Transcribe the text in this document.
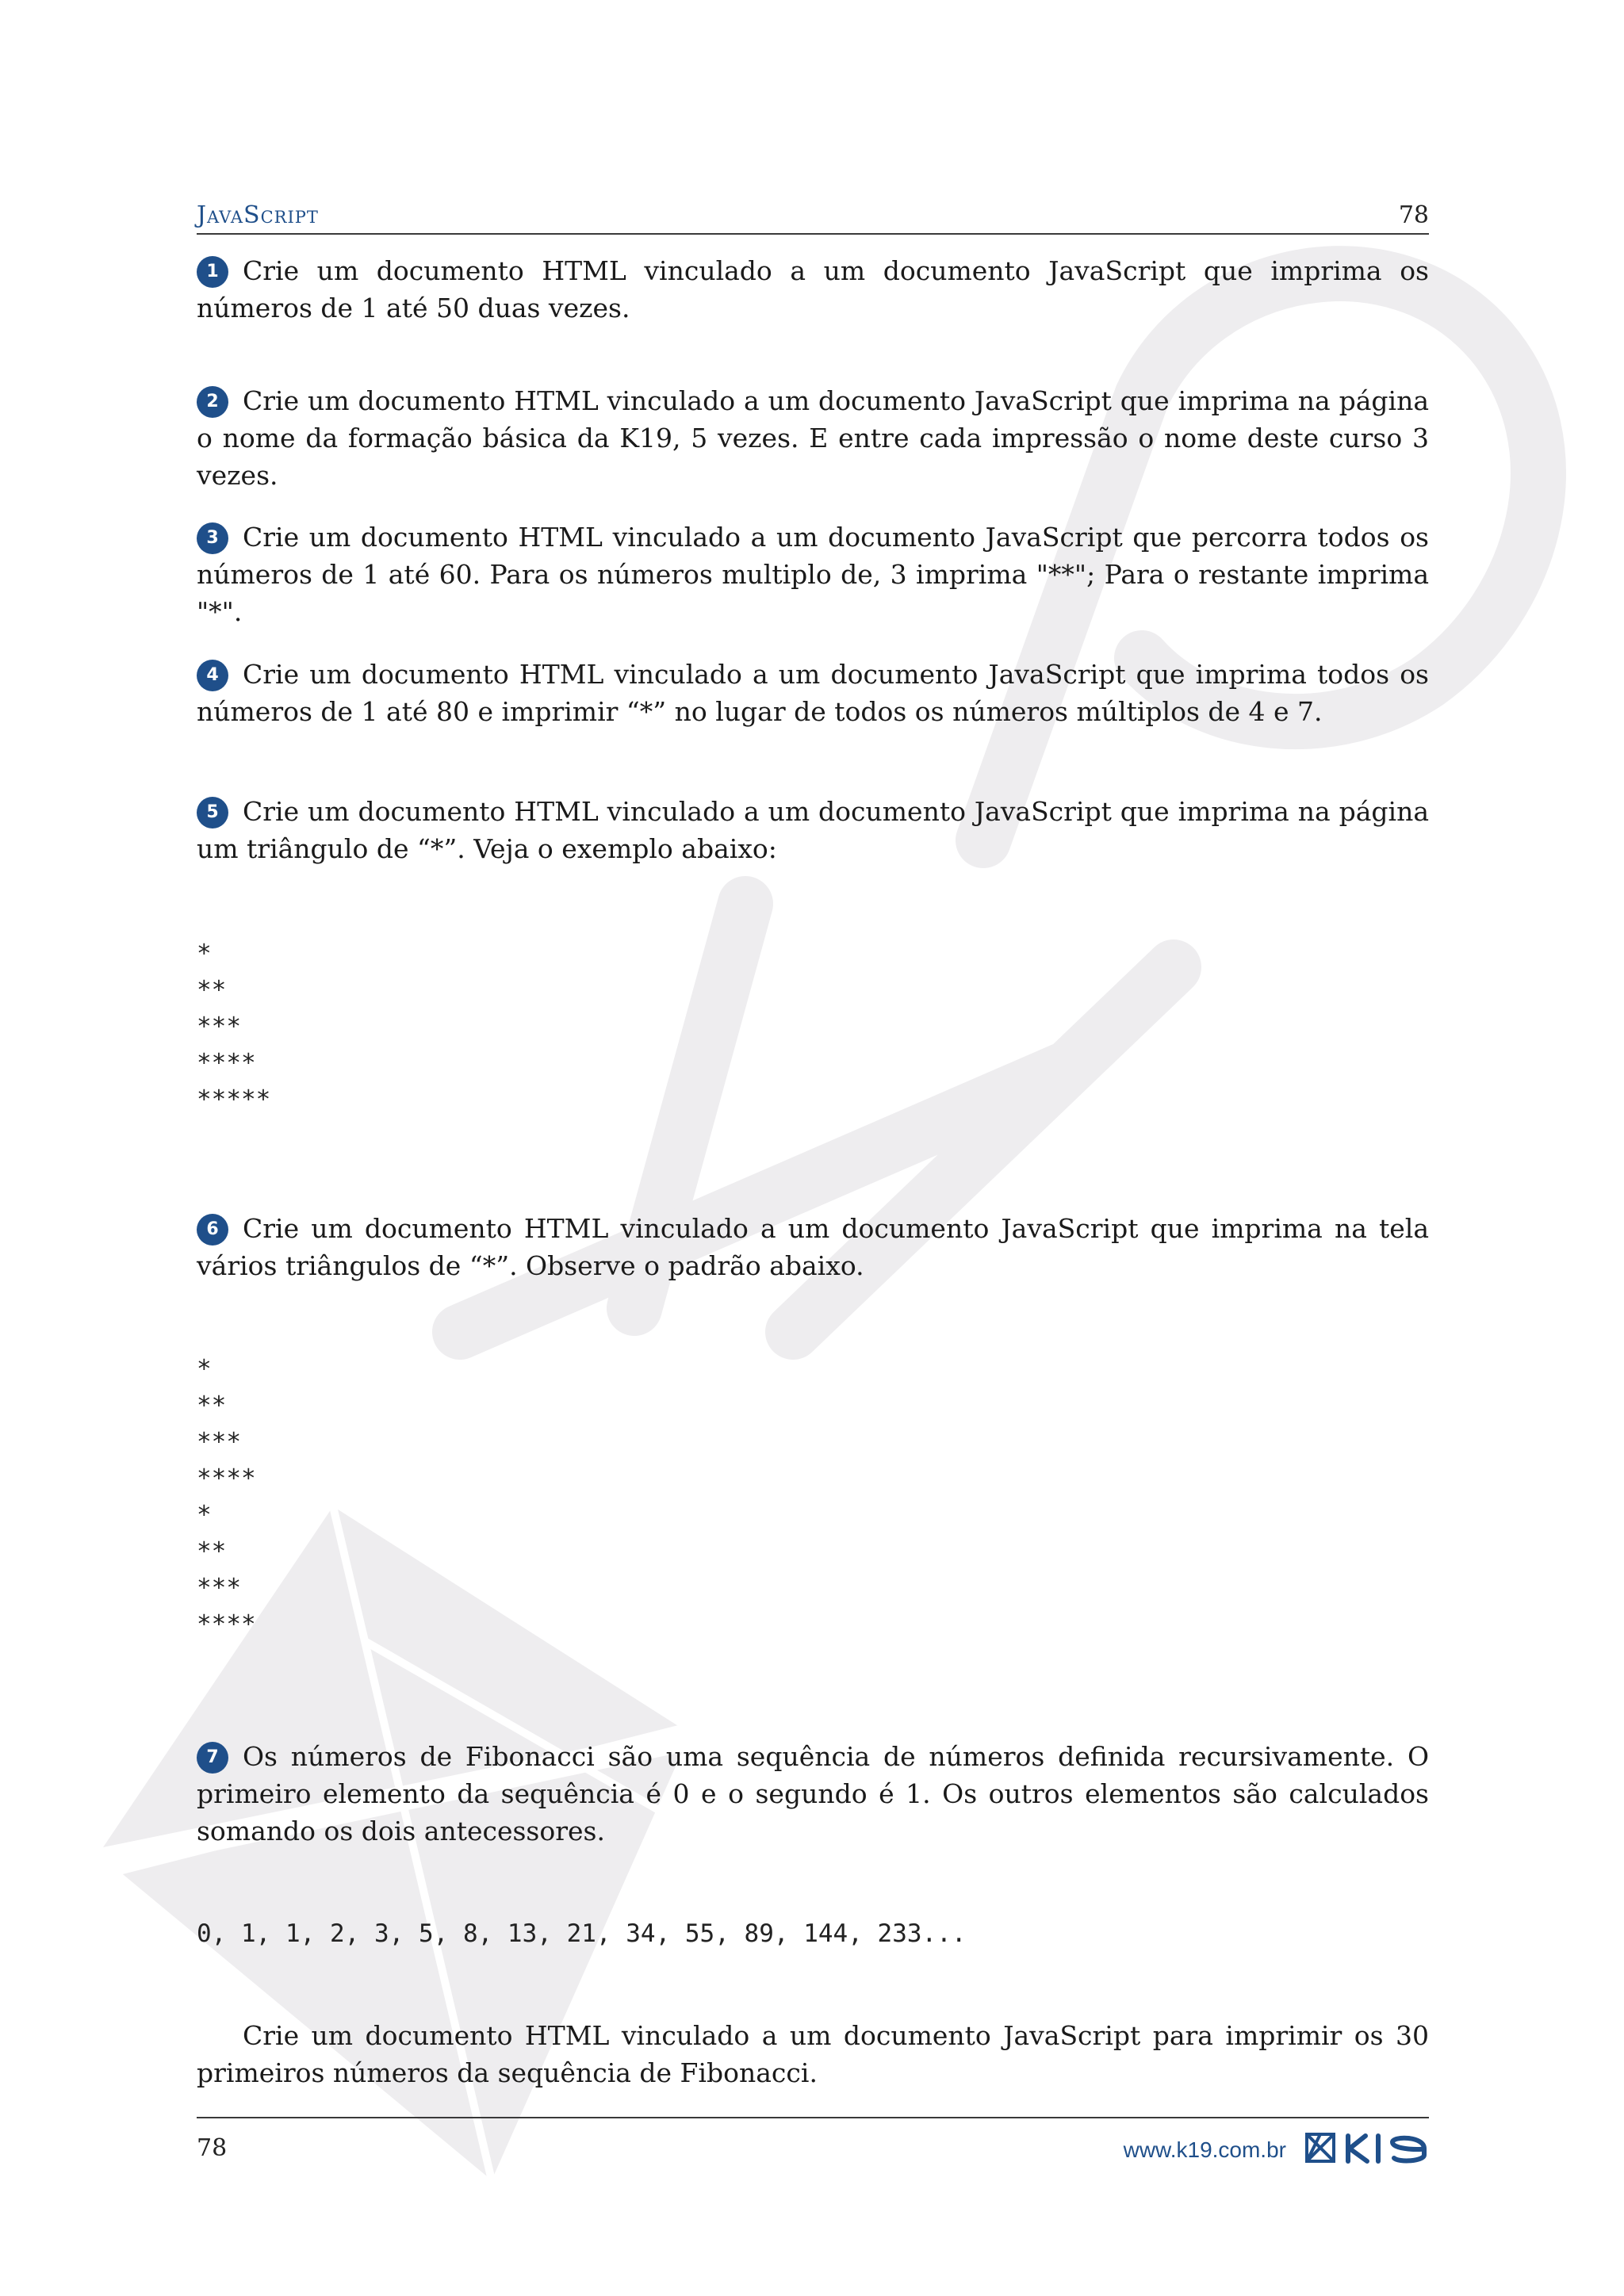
JavaScript	78

1 Crie um documento HTML vinculado a um documento JavaScript que imprima os números de 1 até 50 duas vezes.

2 Crie um documento HTML vinculado a um documento JavaScript que imprima na página o nome da formação básica da K19, 5 vezes. E entre cada impressão o nome deste curso 3 vezes.

3 Crie um documento HTML vinculado a um documento JavaScript que percorra todos os números de 1 até 60. Para os números multiplo de, 3 imprima "**"; Para o restante imprima "*".

4 Crie um documento HTML vinculado a um documento JavaScript que imprima todos os números de 1 até 80 e imprimir “*” no lugar de todos os números múltiplos de 4 e 7.

5 Crie um documento HTML vinculado a um documento JavaScript que imprima na página um triângulo de “*”. Veja o exemplo abaixo:

*
**
***
****
*****

6 Crie um documento HTML vinculado a um documento JavaScript que imprima na tela vários triângulos de “*”. Observe o padrão abaixo.

*
**
***
****
*
**
***
****

7 Os números de Fibonacci são uma sequência de números definida recursivamente. O primeiro elemento da sequência é 0 e o segundo é 1. Os outros elementos são calculados somando os dois antecessores.

0, 1, 1, 2, 3, 5, 8, 13, 21, 34, 55, 89, 144, 233...

Crie um documento HTML vinculado a um documento JavaScript para imprimir os 30 primeiros números da sequência de Fibonacci.

78	www.k19.com.br
